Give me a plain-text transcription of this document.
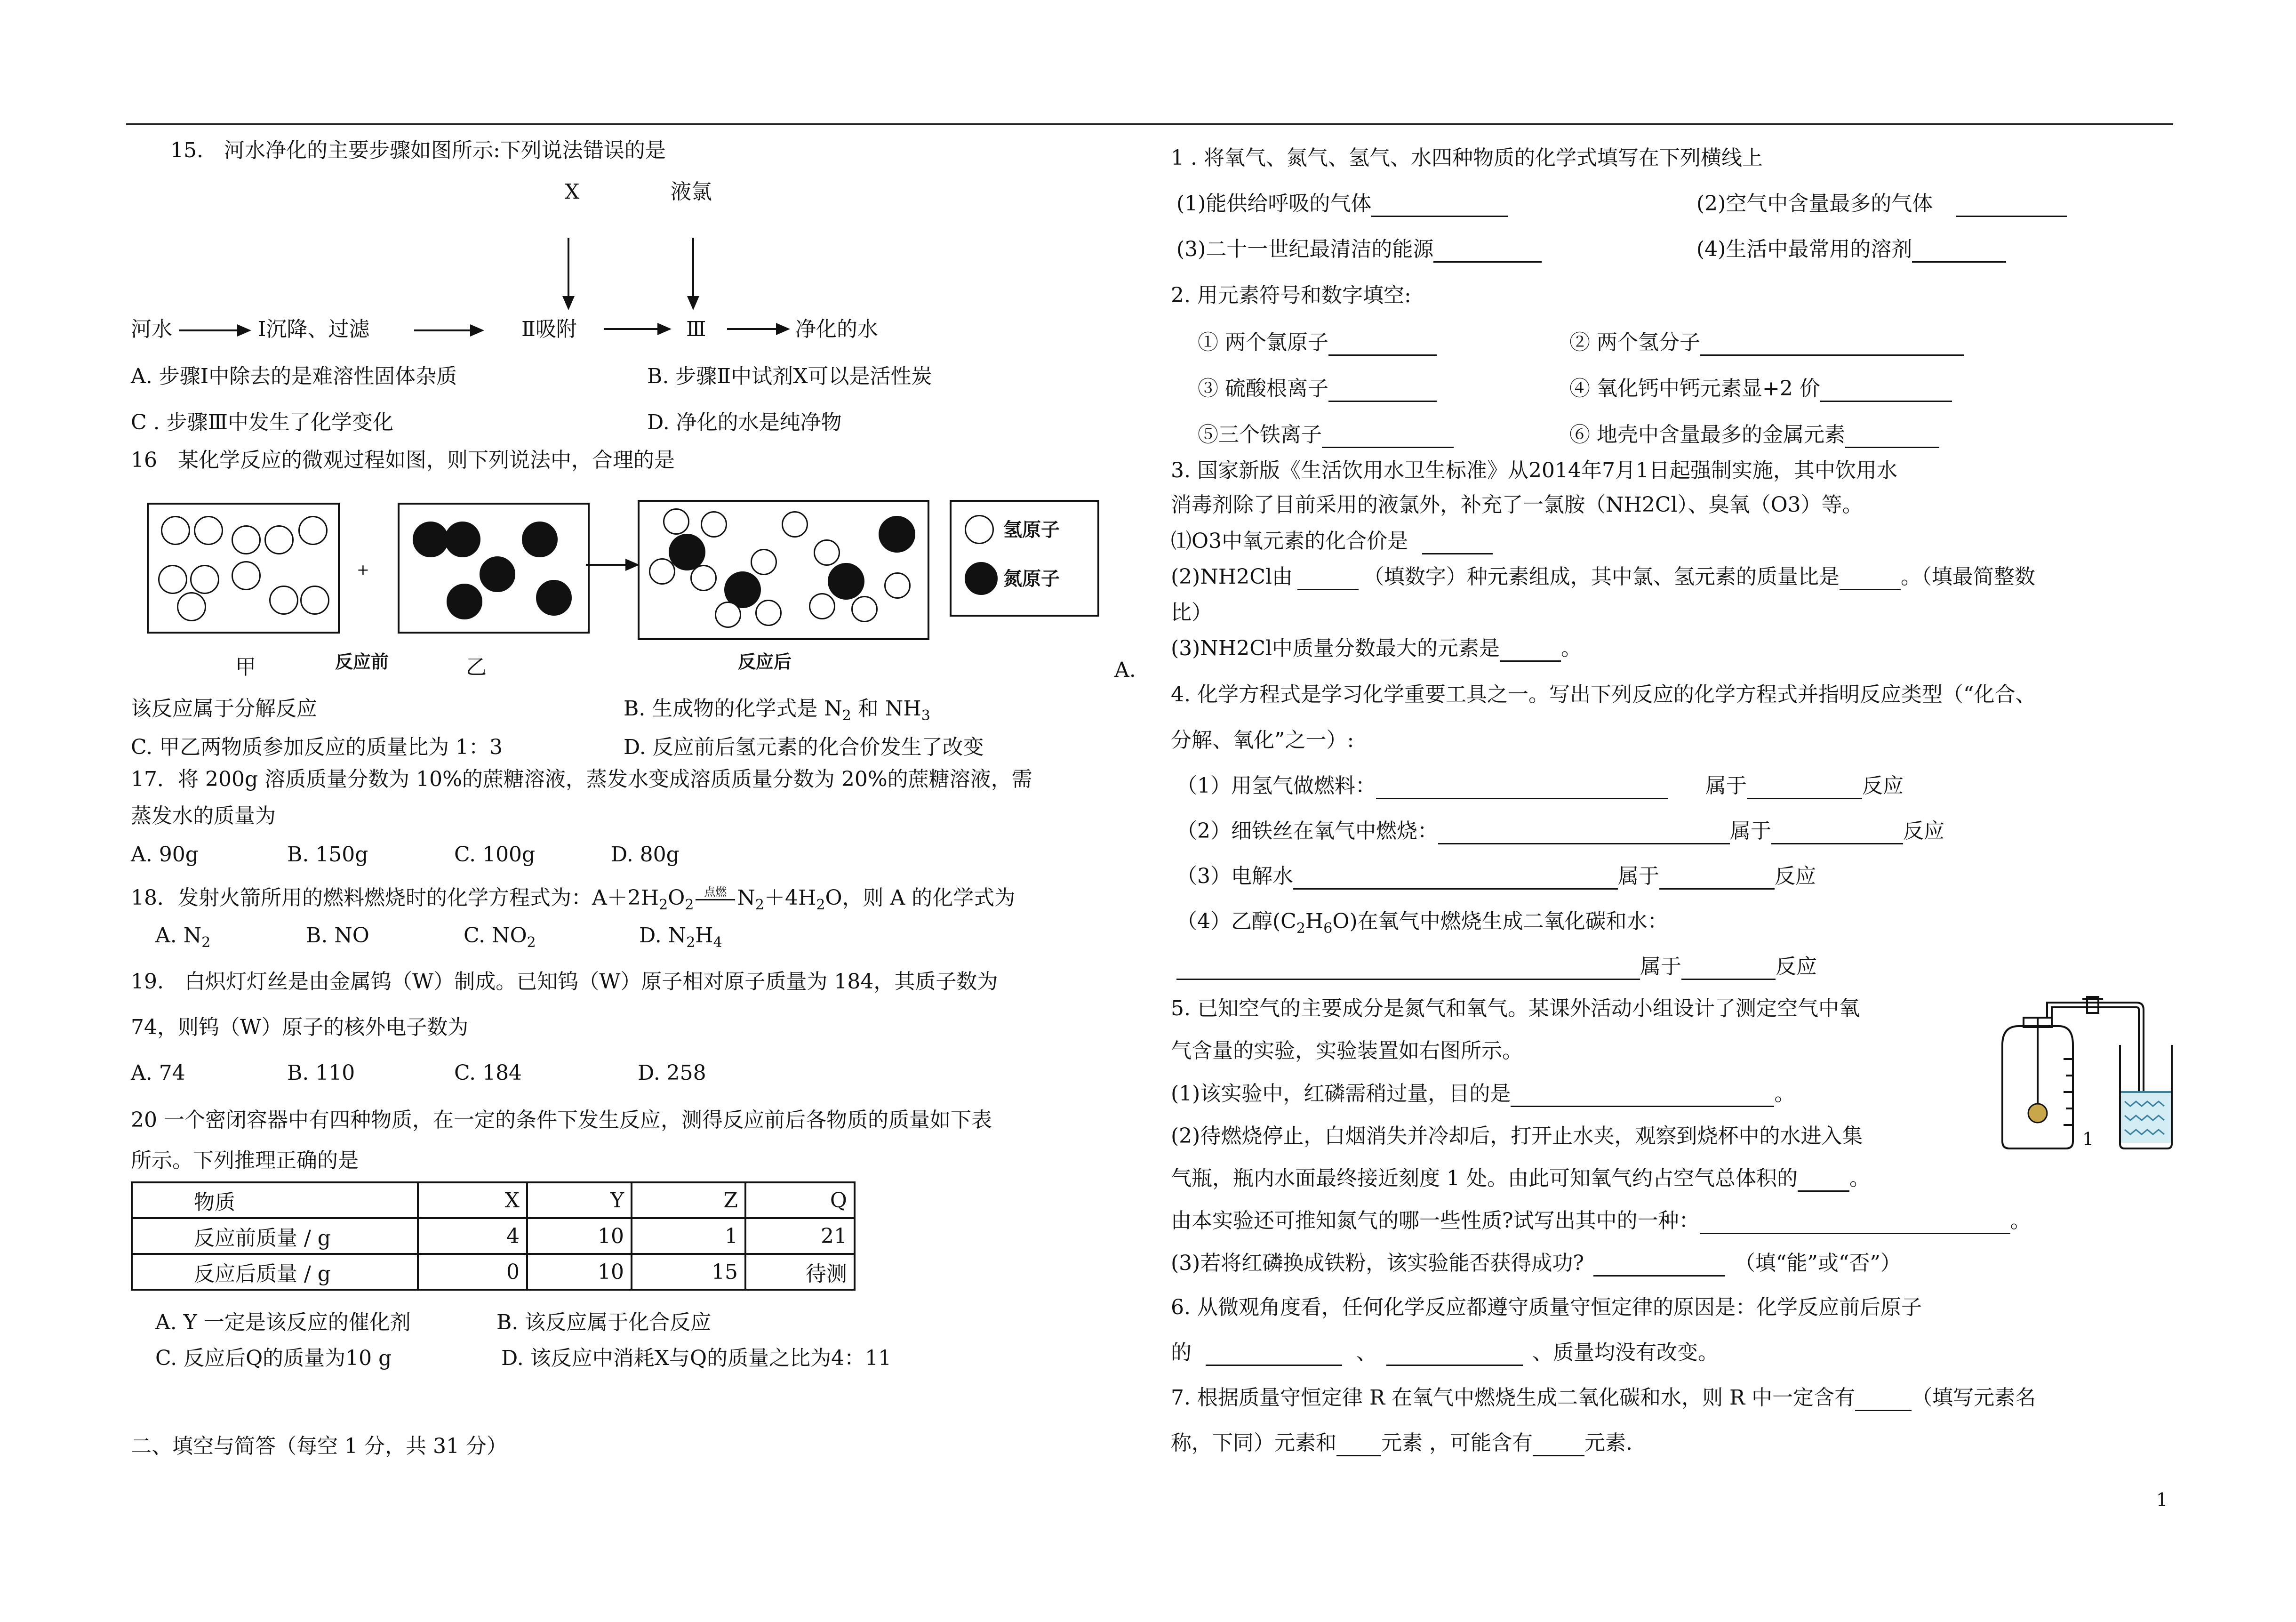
15.　河水净化的主要步骤如图所示:下列说法错误的是
X	液氯
河水	Ⅰ沉降、过滤	Ⅱ吸附	Ⅲ	净化的水
A. 步骤Ⅰ中除去的是难溶性固体杂质	B. 步骤Ⅱ中试剂X可以是活性炭
C . 步骤Ⅲ中发生了化学变化	D. 净化的水是纯净物
16　某化学反应的微观过程如图，则下列说法中，合理的是
+
氢原子
氮原子
甲	反应前	乙	反应后	A.
该反应属于分解反应	B. 生成物的化学式是 $N_2$ 和 $NH_3$
C. 甲乙两物质参加反应的质量比为 1：3	D. 反应前后氢元素的化合价发生了改变
17．将 200g 溶质质量分数为 10%的蔗糖溶液，蒸发水变成溶质质量分数为 20%的蔗糖溶液，需
蒸发水的质量为
A. 90g	B. 150g	C. 100g	D. 80g
18．发射火箭所用的燃料燃烧时的化学方程式为：$A+2H_2O_2$点燃 $N_2+4H_2O$，则 A 的化学式为
A. $N_2$	B. NO	C. $NO_2$	D. $N_2H_4$
19.　白炽灯灯丝是由金属钨（W）制成。已知钨（W）原子相对原子质量为 184，其质子数为
74，则钨（W）原子的核外电子数为
A. 74	B. 110	C. 184	D. 258
20 一个密闭容器中有四种物质，在一定的条件下发生反应，测得反应前后各物质的质量如下表
所示。下列推理正确的是
物质	X	Y	Z	Q
反应前质量 / g	4	10	1	21
反应后质量 / g	0	10	15	待测
A. Y 一定是该反应的催化剂	B. 该反应属于化合反应
C. 反应后Q的质量为10 g	D. 该反应中消耗X与Q的质量之比为4：11
二、填空与简答（每空 1 分，共 31 分）
1 . 将氧气、氮气、氢气、水四种物质的化学式填写在下列横线上
(1)能供给呼吸的气体	(2)空气中含量最多的气体
(3)二十一世纪最清洁的能源	(4)生活中最常用的溶剂
2. 用元素符号和数字填空:
① 两个氯原子	② 两个氢分子
③ 硫酸根离子	④ 氧化钙中钙元素显+2 价
⑤三个铁离子	⑥ 地壳中含量最多的金属元素
3. 国家新版《生活饮用水卫生标准》从2014年7月1日起强制实施，其中饮用水
消毒剂除了目前采用的液氯外，补充了一氯胺（NH2Cl）、臭氧（O3）等。
⑴O3中氧元素的化合价是
(2)NH2Cl由	（填数字）种元素组成，其中氯、氢元素的质量比是	。（填最简整数
比）
(3)NH2Cl中质量分数最大的元素是	。
4. 化学方程式是学习化学重要工具之一。写出下列反应的化学方程式并指明反应类型（“化合、
分解、氧化”之一）:
（1）用氢气做燃料：	属于	反应
（2）细铁丝在氧气中燃烧：	属于	反应
（3）电解水	属于	反应
（4）乙醇$(C_2H_6O)$在氧气中燃烧生成二氧化碳和水：
属于	反应
5. 已知空气的主要成分是氮气和氧气。某课外活动小组设计了测定空气中氧
气含量的实验，实验装置如右图所示。
(1)该实验中，红磷需稍过量，目的是	。
(2)待燃烧停止，白烟消失并冷却后，打开止水夹，观察到烧杯中的水进入集
气瓶，瓶内水面最终接近刻度 1 处。由此可知氧气约占空气总体积的	。
由本实验还可推知氮气的哪一些性质?试写出其中的一种：	。
(3)若将红磷换成铁粉，该实验能否获得成功?	（填“能”或“否”）
1
6. 从微观角度看，任何化学反应都遵守质量守恒定律的原因是：化学反应前后原子
的	、	、质量均没有改变。
7. 根据质量守恒定律 R 在氧气中燃烧生成二氧化碳和水，则 R 中一定含有	（填写元素名
称，下同）元素和 元素 ，可能含有	元素.
1
